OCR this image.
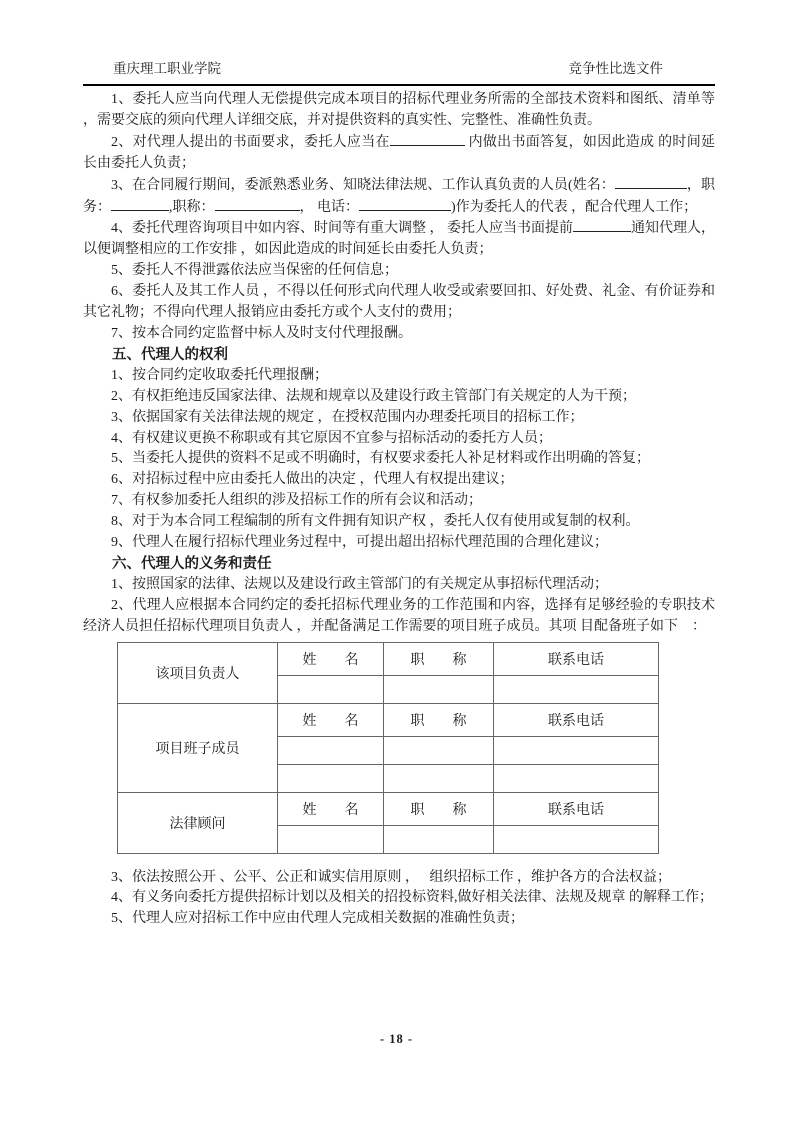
重庆理工职业学院	竞争性比选文件

1、委托人应当向代理人无偿提供完成本项目的招标代理业务所需的全部技术资料和图纸、清单等 ，需要交底的须向代理人详细交底，并对提供资料的真实性、完整性、准确性负责。

2、对代理人提出的书面要求，委托人应当在	内做出书面答复，如因此造成 的时间延长由委托人负责；

3、在合同履行期间，委派熟悉业务、知晓法律法规、工作认真负责的人员(姓名：	，职务：	,职称：	， 电话：	)作为委托人的代表 ，配合代理人工作；

4、委托代理咨询项目中如内容、时间等有重大调整 ， 委托人应当书面提前	通知代理人， 以便调整相应的工作安排 ，如因此造成的时间延长由委托人负责；

5、委托人不得泄露依法应当保密的任何信息；

6、委托人及其工作人员 ，不得以任何形式向代理人收受或索要回扣、好处费、礼金、有价证券和其它礼物；不得向代理人报销应由委托方或个人支付的费用；

7、按本合同约定监督中标人及时支付代理报酬。

五、代理人的权利

1、按合同约定收取委托代理报酬；

2、有权拒绝违反国家法律、法规和规章以及建设行政主管部门有关规定的人为干预；

3、依据国家有关法律法规的规定 ，在授权范围内办理委托项目的招标工作；

4、有权建议更换不称职或有其它原因不宜参与招标活动的委托方人员；

5、当委托人提供的资料不足或不明确时，有权要求委托人补足材料或作出明确的答复；

6、对招标过程中应由委托人做出的决定 ，代理人有权提出建议；

7、有权参加委托人组织的涉及招标工作的所有会议和活动；

8、对于为本合同工程编制的所有文件拥有知识产权 ，委托人仅有使用或复制的权利。

9、代理人在履行招标代理业务过程中，可提出超出招标代理范围的合理化建议；

六、代理人的义务和责任

1、按照国家的法律、法规以及建设行政主管部门的有关规定从事招标代理活动；

2、代理人应根据本合同约定的委托招标代理业务的工作范围和内容，选择有足够经验的专职技术经济人员担任招标代理项目负责人 ，并配备满足工作需要的项目班子成员。其项 目配备班子如下　：

该项目负责人	姓　　名	职　　称	联系电话

项目班子成员	姓　　名	职　　称	联系电话

法律顾问	姓　　名	职　　称	联系电话

3、依法按照公开 、公平、公正和诚实信用原则 ，　 组织招标工作 ，维护各方的合法权益；

4、有义务向委托方提供招标计划以及相关的招投标资料,做好相关法律、法规及规章 的解释工作；

5、代理人应对招标工作中应由代理人完成相关数据的准确性负责；

- 18 -
